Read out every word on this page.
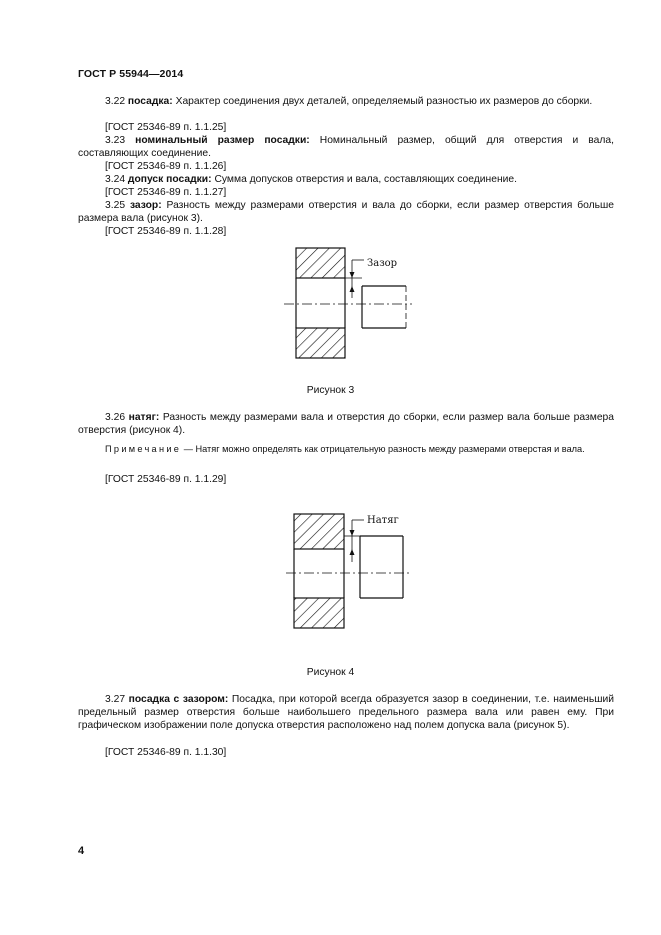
ГОСТ Р 55944—2014
3.22 посадка: Характер соединения двух деталей, определяемый разностью их размеров до сборки.
[ГОСТ 25346-89 п. 1.1.25]
3.23 номинальный размер посадки: Номинальный размер, общий для отверстия и вала, составляющих соединение.
[ГОСТ 25346-89 п. 1.1.26]
3.24 допуск посадки: Сумма допусков отверстия и вала, составляющих соединение.
[ГОСТ 25346-89 п. 1.1.27]
3.25 зазор: Разность между размерами отверстия и вала до сборки, если размер отверстия больше размера вала (рисунок 3).
[ГОСТ 25346-89 п. 1.1.28]
Зазор
Натяг
Рисунок 3
3.26 натяг: Разность между размерами вала и отверстия до сборки, если размер вала больше размера отверстия (рисунок 4).
Примечание — Натяг можно определять как отрицательную разность между размерами отверстая и вала.
[ГОСТ 25346-89 п. 1.1.29]
Рисунок 4
3.27 посадка с зазором: Посадка, при которой всегда образуется зазор в соединении, т.е. наименьший предельный размер отверстия больше наибольшего предельного размера вала или равен ему. При графическом изображении поле допуска отверстия расположено над полем допуска вала (рисунок 5).
[ГОСТ 25346-89 п. 1.1.30]
4
